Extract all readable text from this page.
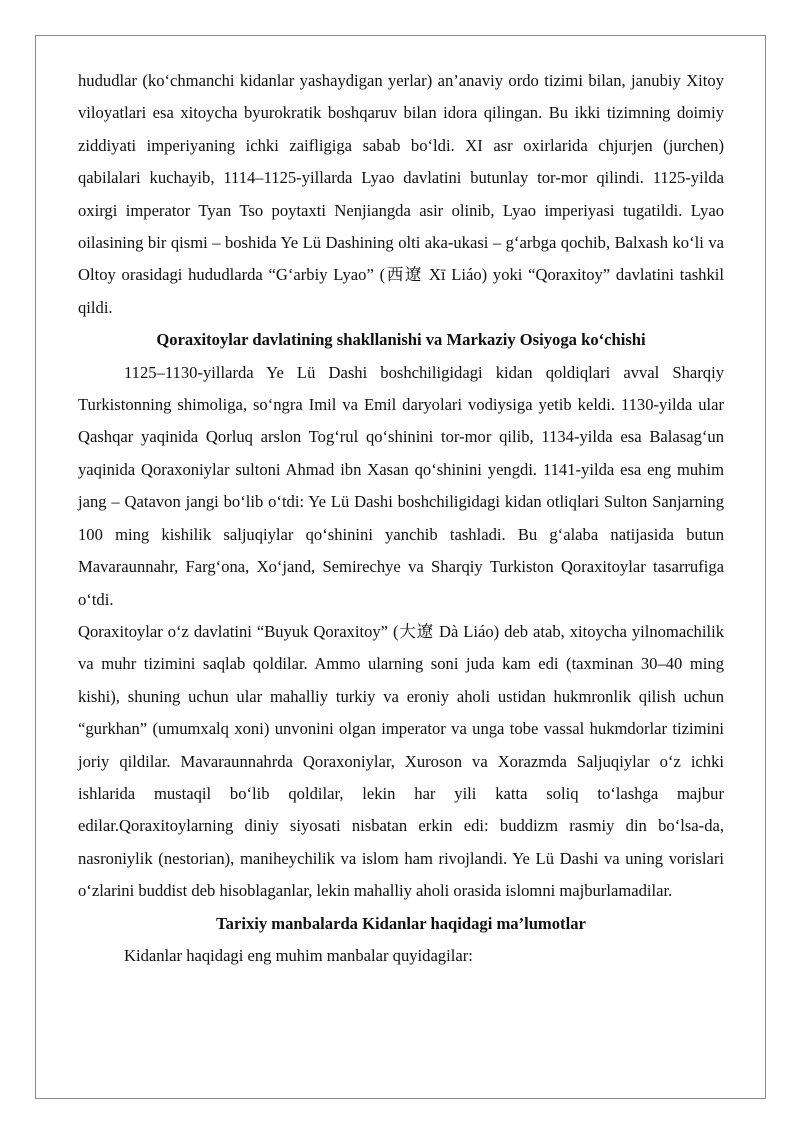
hududlar (ko‘chmanchi kidanlar yashaydigan yerlar) an’anaviy ordo tizimi bilan, janubiy Xitoy viloyatlari esa xitoycha byurokratik boshqaruv bilan idora qilingan. Bu ikki tizimning doimiy ziddiyati imperiyaning ichki zaifligiga sabab bo‘ldi. XI asr oxirlarida chjurjen (jurchen) qabilalari kuchayib, 1114–1125-yillarda Lyao davlatini butunlay tor-mor qilindi. 1125-yilda oxirgi imperator Tyan Tso poytaxti Nenjiangda asir olinib, Lyao imperiyasi tugatildi. Lyao oilasining bir qismi – boshida Ye Lü Dashining olti aka-ukasi – g‘arbga qochib, Balxash ko‘li va Oltoy orasidagi hududlarda “G‘arbiy Lyao” (西遼 Xī Liáo) yoki “Qoraxitoy” davlatini tashkil qildi.

Qoraxitoylar davlatining shakllanishi va Markaziy Osiyoga ko‘chishi

1125–1130-yillarda Ye Lü Dashi boshchiligidagi kidan qoldiqlari avval Sharqiy Turkistonning shimoliga, so‘ngra Imil va Emil daryolari vodiysiga yetib keldi. 1130-yilda ular Qashqar yaqinida Qorluq arslon Tog‘rul qo‘shinini tor-mor qilib, 1134-yilda esa Balasag‘un yaqinida Qoraxoniylar sultoni Ahmad ibn Xasan qo‘shinini yengdi. 1141-yilda esa eng muhim jang – Qatavon jangi bo‘lib o‘tdi: Ye Lü Dashi boshchiligidagi kidan otliqlari Sulton Sanjarning 100 ming kishilik saljuqiylar qo‘shinini yanchib tashladi. Bu g‘alaba natijasida butun Mavaraunnahr, Farg‘ona, Xo‘jand, Semirechye va Sharqiy Turkiston Qoraxitoylar tasarrufiga o‘tdi.

Qoraxitoylar o‘z davlatini “Buyuk Qoraxitoy” (大遼 Dà Liáo) deb atab, xitoycha yilnomachilik va muhr tizimini saqlab qoldilar. Ammo ularning soni juda kam edi (taxminan 30–40 ming kishi), shuning uchun ular mahalliy turkiy va eroniy aholi ustidan hukmronlik qilish uchun “gurkhan” (umumxalq xoni) unvonini olgan imperator va unga tobe vassal hukmdorlar tizimini joriy qildilar. Mavaraunnahrda Qoraxoniylar, Xuroson va Xorazmda Saljuqiylar o‘z ichki ishlarida mustaqil bo‘lib qoldilar, lekin har yili katta soliq to‘lashga majbur edilar.Qoraxitoylarning diniy siyosati nisbatan erkin edi: buddizm rasmiy din bo‘lsa-da, nasroniylik (nestorian), maniheychilik va islom ham rivojlandi. Ye Lü Dashi va uning vorislari o‘zlarini buddist deb hisoblaganlar, lekin mahalliy aholi orasida islomni majburlamadilar.

Tarixiy manbalarda Kidanlar haqidagi ma’lumotlar

Kidanlar haqidagi eng muhim manbalar quyidagilar:
